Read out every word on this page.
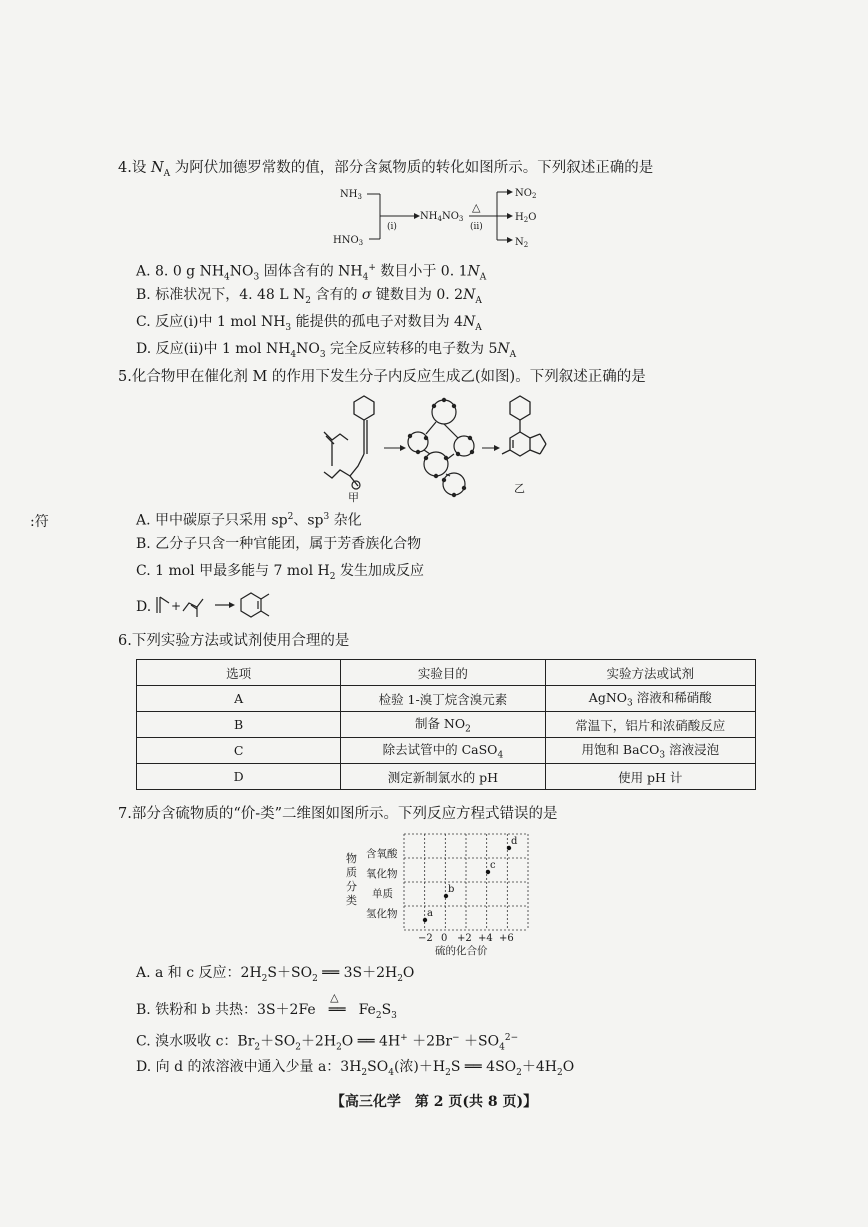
4.设 $N_A$ 为阿伏加德罗常数的值，部分含氮物质的转化如图所示。下列叙述正确的是
$NH_3$
$HNO_3$
(ⅰ)
$NH_4NO_3$
△
(ⅱ)
$NO_2$
$H_2O$
$N_2$
A. 8. 0 g $NH_4NO_3$ 固体含有的 $NH_4^+$ 数目小于 0. $1N_A$
B. 标准状况下，4. 48 L $N_2$ 含有的 σ 键数目为 0. $2N_A$
C. 反应(ⅰ)中 1 mol $NH_3$ 能提供的孤电子对数目为 $4N_A$
D. 反应(ⅱ)中 1 mol $NH_4NO_3$ 完全反应转移的电子数为 $5N_A$
5.化合物甲在催化剂 M 的作用下发生分子内反应生成乙(如图)。下列叙述正确的是
甲
乙
:符	A. 甲中碳原子只采用 $sp^2$、$sp^3$ 杂化
B. 乙分子只含一种官能团，属于芳香族化合物
C. 1 mol 甲最多能与 7 mol $H_2$ 发生加成反应
D. +
6.下列实验方法或试剂使用合理的是
选项	实验目的	实验方法或试剂
A	检验 1-溴丁烷含溴元素	AgNO$_3$ 溶液和稀硝酸
B	制备 $NO_2$	常温下，铝片和浓硝酸反应
C	除去试管中的 CaSO$_4$	用饱和 BaCO$_3$ 溶液浸泡
D	测定新制氯水的 pH	使用 pH 计
7.部分含硫物质的“价-类”二维图如图所示。下列反应方程式错误的是
物
质
分
类
含氧酸
氧化物
单质
氢化物	a
b
c
d
−2 0 +2 +4 +6
硫的化合价
A. a 和 c 反应：$2H_2S+SO_2$ ══ $3S+2H_2O$
B. 铁粉和 b 共热：3S＋2Fe
△
══ $Fe_2S_3$
C. 溴水吸收 c：$Br_2+SO_2+2H_2O$ ══ $4H^+ +2Br^- +SO_4^{2-}$
D. 向 d 的浓溶液中通入少量 a：$3H_2SO_4$(浓)$+H_2S$ ══ $4SO_2+4H_2O$
【高三化学　第 2 页(共 8 页)】
